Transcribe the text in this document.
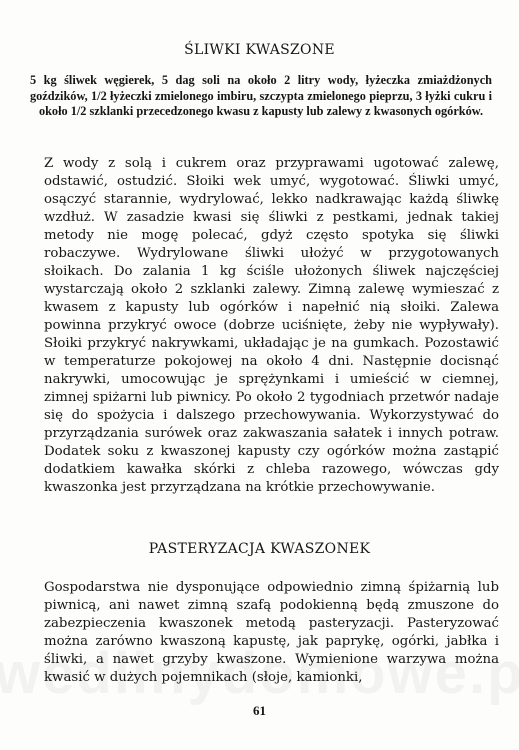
ŚLIWKI KWASZONE

5 kg śliwek węgierek, 5 dag soli na około 2 litry wody, łyżeczka zmiażdżonych goździków, 1/2 łyżeczki zmielonego imbiru, szczypta zmielonego pieprzu, 3 łyżki cukru i około 1/2 szklanki przecedzonego kwasu z kapusty lub zalewy z kwasonych ogórków.

Z wody z solą i cukrem oraz przyprawami ugotować zalewę, odstawić, ostudzić. Słoiki wek umyć, wygotować. Śliwki umyć, osączyć starannie, wydrylować, lekko nadkrawając każdą śliwkę wzdłuż. W zasadzie kwasi się śliwki z pestkami, jednak takiej metody nie mogę polecać, gdyż często spotyka się śliwki robaczywe. Wydrylowane śliwki ułożyć w przygotowanych słoikach. Do zalania 1 kg ściśle ułożonych śliwek najczęściej wystarczają około 2 szklanki zalewy. Zimną zalewę wymieszać z kwasem z kapusty lub ogórków i napełnić nią słoiki. Zalewa powinna przykryć owoce (dobrze uciśnięte, żeby nie wypływały). Słoiki przykryć nakrywkami, układając je na gumkach. Pozostawić w temperaturze pokojowej na około 4 dni. Następnie docisnąć nakrywki, umocowując je sprężynkami i umieścić w ciemnej, zimnej spiżarni lub piwnicy. Po około 2 tygodniach przetwór nadaje się do spożycia i dalszego przechowywania. Wykorzystywać do przyrządzania surówek oraz zakwaszania sałatek i innych potraw. Dodatek soku z kwaszonej kapusty czy ogórków można zastąpić dodatkiem kawałka skórki z chleba razowego, wówczas gdy kwaszonka jest przyrządzana na krótkie przechowywanie.

PASTERYZACJA KWASZONEK

Gospodarstwa nie dysponujące odpowiednio zimną śpiżarnią lub piwnicą, ani nawet zimną szafą podokienną będą zmuszone do zabezpieczenia kwaszonek metodą pasteryzacji. Pasteryzować można zarówno kwaszoną kapustę, jak paprykę, ogórki, jabłka i śliwki, a nawet grzyby kwaszone. Wymienione warzywa można kwasić w dużych pojemnikach (słoje, kamionki,

61
